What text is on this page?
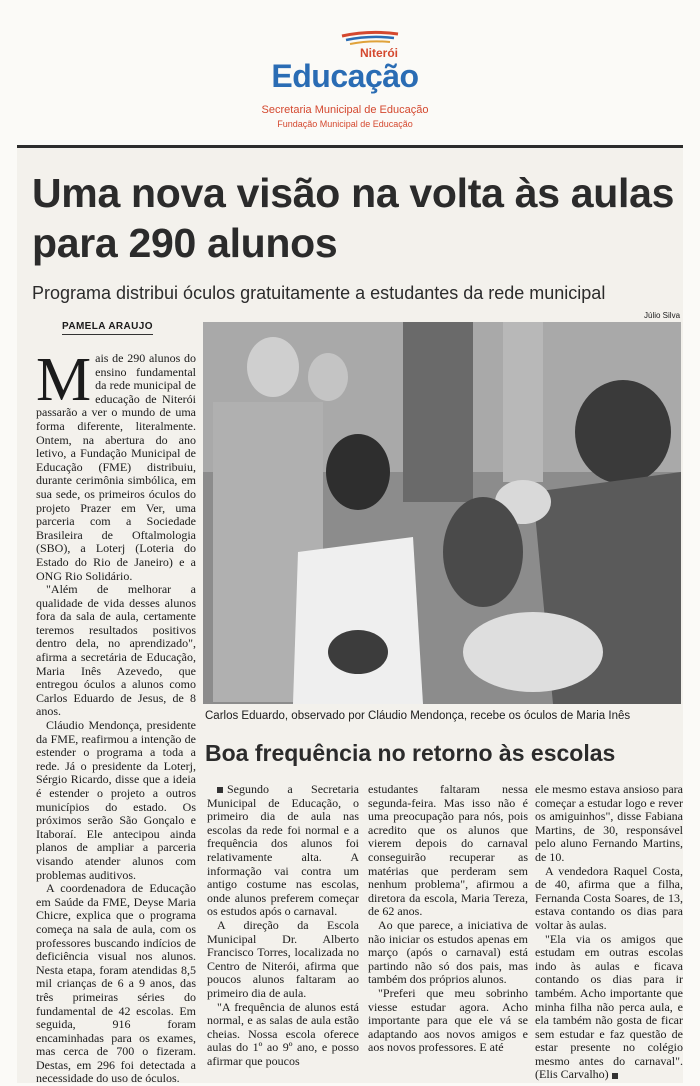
Niterói
Educação
Secretaria Municipal de Educação
Fundação Municipal de Educação
Uma nova visão na volta às aulas para 290 alunos
Programa distribui óculos gratuitamente a estudantes da rede municipal
PAMELA ARAUJO
Júlio Silva
Carlos Eduardo, observado por Cláudio Mendonça, recebe os óculos de Maria Inês
M ais de 290 alunos do ensino fundamental da rede municipal de educação de Niterói passarão a ver o mundo de uma forma diferente, literalmente. Ontem, na abertura do ano letivo, a Fundação Municipal de Educação (FME) distribuiu, durante cerimônia simbólica, em sua sede, os primeiros óculos do projeto Prazer em Ver, uma parceria com a Sociedade Brasileira de Oftalmologia (SBO), a Loterj (Loteria do Estado do Rio de Janeiro) e a ONG Rio Solidário.

"Além de melhorar a qualidade de vida desses alunos fora da sala de aula, certamente teremos resultados positivos dentro dela, no aprendizado", afirma a secretária de Educação, Maria Inês Azevedo, que entregou óculos a alunos como Carlos Eduardo de Jesus, de 8 anos.

Cláudio Mendonça, presidente da FME, reafirmou a intenção de estender o programa a toda a rede. Já o presidente da Loterj, Sérgio Ricardo, disse que a ideia é estender o projeto a outros municípios do estado. Os próximos serão São Gonçalo e Itaboraí. Ele antecipou ainda planos de ampliar a parceria visando atender alunos com problemas auditivos.

A coordenadora de Educação em Saúde da FME, Deyse Maria Chicre, explica que o programa começa na sala de aula, com os professores buscando indícios de deficiência visual nos alunos. Nesta etapa, foram atendidas 8,5 mil crianças de 6 a 9 anos, das três primeiras séries do fundamental de 42 escolas. Em seguida, 916 foram encaminhadas para os exames, mas cerca de 700 o fizeram. Destas, em 296 foi detectada a necessidade do uso de óculos.

Boa frequência no retorno às escolas

Segundo a Secretaria Municipal de Educação, o primeiro dia de aula nas escolas da rede foi normal e a frequência dos alunos foi relativamente alta. A informação vai contra um antigo costume nas escolas, onde alunos preferem começar os estudos após o carnaval.

A direção da Escola Municipal Dr. Alberto Francisco Torres, localizada no Centro de Niterói, afirma que poucos alunos faltaram ao primeiro dia de aula.

"A frequência de alunos está normal, e as salas de aula estão cheias. Nossa escola oferece aulas do 1º ao 9º ano, e posso afirmar que poucos

estudantes faltaram nessa segunda-feira. Mas isso não é uma preocupação para nós, pois acredito que os alunos que vierem depois do carnaval conseguirão recuperar as matérias que perderam sem nenhum problema", afirmou a diretora da escola, Maria Tereza, de 62 anos.

Ao que parece, a iniciativa de não iniciar os estudos apenas em março (após o carnaval) está partindo não só dos pais, mas também dos próprios alunos.

"Preferi que meu sobrinho viesse estudar agora. Acho importante para que ele vá se adaptando aos novos amigos e aos novos professores. E até

ele mesmo estava ansioso para começar a estudar logo e rever os amiguinhos", disse Fabiana Martins, de 30, responsável pelo aluno Fernando Martins, de 10.

A vendedora Raquel Costa, de 40, afirma que a filha, Fernanda Costa Soares, de 13, estava contando os dias para voltar às aulas.

"Ela via os amigos que estudam em outras escolas indo às aulas e ficava contando os dias para ir também. Acho importante que minha filha não perca aula, e ela também não gosta de ficar sem estudar e faz questão de estar presente no colégio mesmo antes do carnaval". (Elis Carvalho)
